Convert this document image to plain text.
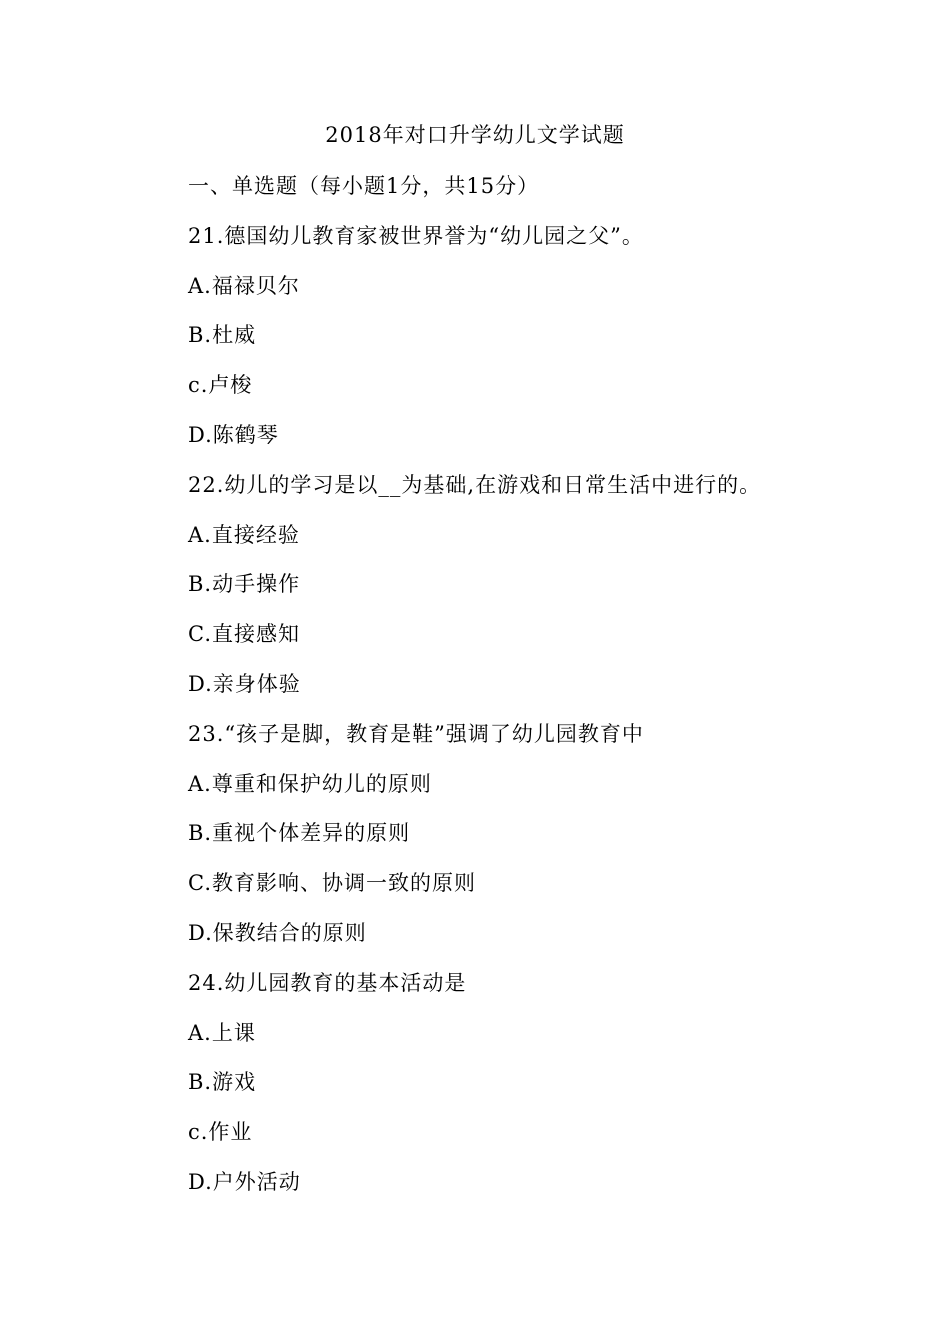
2018年对口升学幼儿文学试题
一、单选题（每小题1分，共15分）
21.德国幼儿教育家被世界誉为“幼儿园之父”。
A.福禄贝尔
B.杜威
c.卢梭
D.陈鹤琴
22.幼儿的学习是以__为基础,在游戏和日常生活中进行的。
A.直接经验
B.动手操作
C.直接感知
D.亲身体验
23.“孩子是脚，教育是鞋”强调了幼儿园教育中
A.尊重和保护幼儿的原则
B.重视个体差异的原则
C.教育影响、协调一致的原则
D.保教结合的原则
24.幼儿园教育的基本活动是
A.上课
B.游戏
c.作业
D.户外活动
